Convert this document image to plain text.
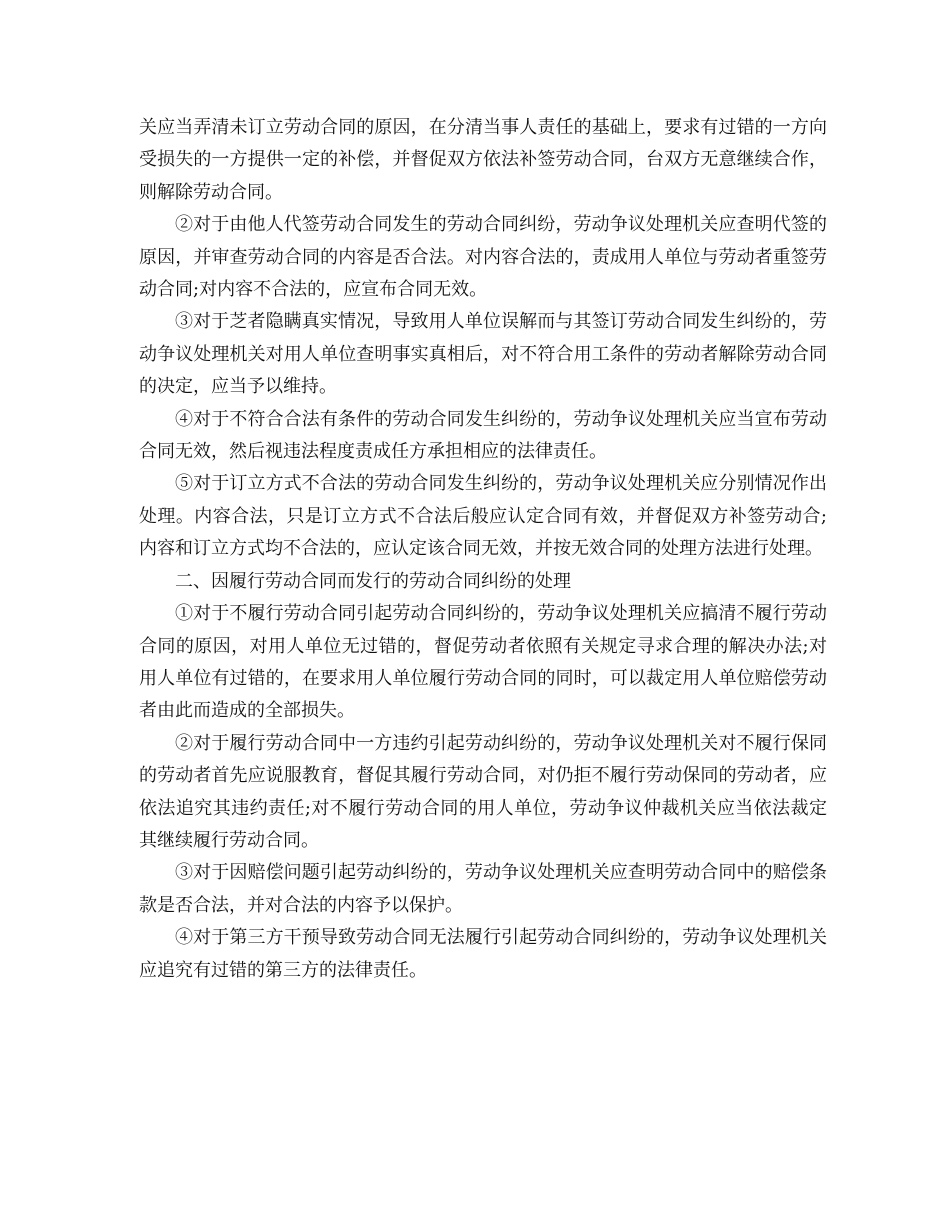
关应当弄清未订立劳动合同的原因，在分清当事人责任的基础上，要求有过错的一方向受损失的一方提供一定的补偿，并督促双方依法补签劳动合同，台双方无意继续合作，则解除劳动合同。

②对于由他人代签劳动合同发生的劳动合同纠纷，劳动争议处理机关应查明代签的原因，并审查劳动合同的内容是否合法。对内容合法的，责成用人单位与劳动者重签劳动合同;对内容不合法的，应宣布合同无效。

③对于芝者隐瞒真实情况，导致用人单位误解而与其签订劳动合同发生纠纷的，劳动争议处理机关对用人单位查明事实真相后，对不符合用工条件的劳动者解除劳动合同的决定，应当予以维持。

④对于不符合合法有条件的劳动合同发生纠纷的，劳动争议处理机关应当宣布劳动合同无效，然后视违法程度责成任方承担相应的法律责任。

⑤对于订立方式不合法的劳动合同发生纠纷的，劳动争议处理机关应分别情况作出处理。内容合法，只是订立方式不合法后般应认定合同有效，并督促双方补签劳动合;内容和订立方式均不合法的，应认定该合同无效，并按无效合同的处理方法进行处理。

二、因履行劳动合同而发行的劳动合同纠纷的处理

①对于不履行劳动合同引起劳动合同纠纷的，劳动争议处理机关应搞清不履行劳动合同的原因，对用人单位无过错的，督促劳动者依照有关规定寻求合理的解决办法;对用人单位有过错的，在要求用人单位履行劳动合同的同时，可以裁定用人单位赔偿劳动者由此而造成的全部损失。

②对于履行劳动合同中一方违约引起劳动纠纷的，劳动争议处理机关对不履行保同的劳动者首先应说服教育，督促其履行劳动合同，对仍拒不履行劳动保同的劳动者，应依法追究其违约责任;对不履行劳动合同的用人单位，劳动争议仲裁机关应当依法裁定其继续履行劳动合同。

③对于因赔偿问题引起劳动纠纷的，劳动争议处理机关应查明劳动合同中的赔偿条款是否合法，并对合法的内容予以保护。

④对于第三方干预导致劳动合同无法履行引起劳动合同纠纷的，劳动争议处理机关应追究有过错的第三方的法律责任。
